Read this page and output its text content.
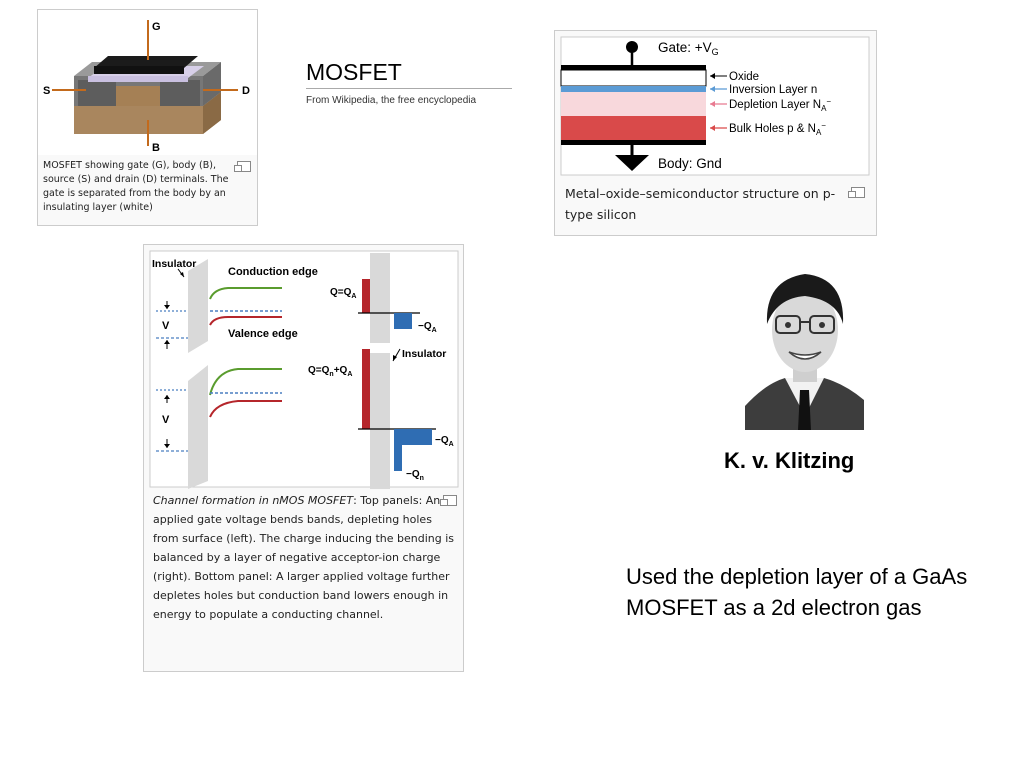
G
S	D
B
MOSFET showing gate (G), body (B), source (S) and drain (D) terminals. The gate is separated from the body by an insulating layer (white)
MOSFET
From Wikipedia, the free encyclopedia
Gate: $+V_G$
Body: Gnd
Oxide
Inversion Layer n
Depletion Layer $N_A^-$
Bulk Holes p & $N_A^-$
Metal–oxide–semiconductor structure on p-type silicon
Insulator
Conduction edge
Valence edge
V
V
$Q=Q_A$
$-Q_A$
Insulator
$Q=Q_n+Q_A$
$-Q_A$
$-Q_n$
Channel formation in nMOS MOSFET: Top panels: An applied gate voltage bends bands, depleting holes from surface (left). The charge inducing the bending is balanced by a layer of negative acceptor-ion charge (right). Bottom panel: A larger applied voltage further depletes holes but conduction band lowers enough in energy to populate a conducting channel.
K. v. Klitzing
Used the depletion layer of a GaAs    MOSFET as a 2d electron gas
